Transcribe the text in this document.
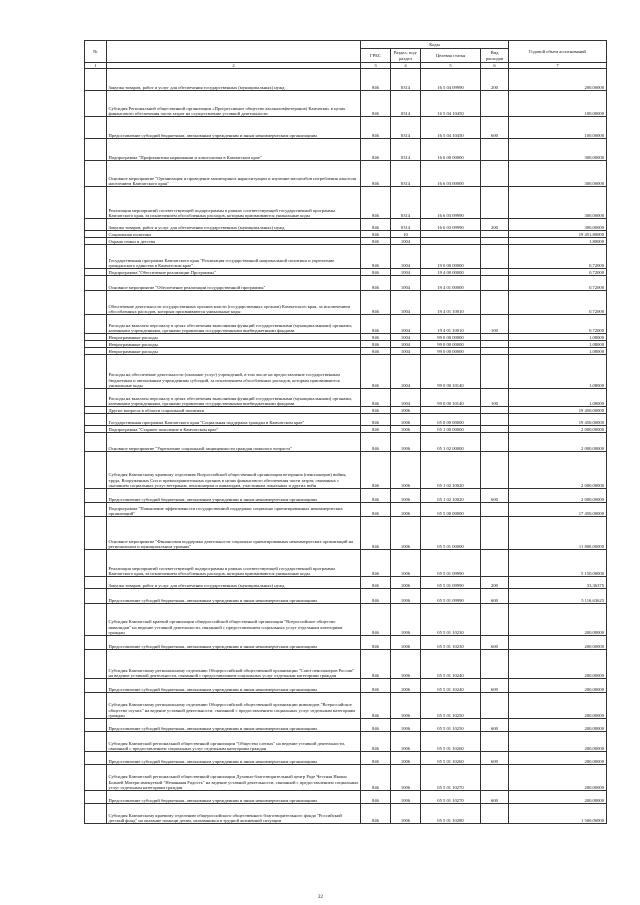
№		Коды				Годовой объем ассигнований
		ГРБС	Раздел, под-раздел	Целевая статья	Вид расходов	
1	2	3	4	5	6	7
	Закупка товаров, работ и услуг для обеспечения государственных (муниципальных) нужд	846	0314	16 5 04 09990	200	200,00000
	Субсидия Региональной общественной организации «Прогрессивное общество аксакалов(ветеранов) Камчатки» в целях финансового обеспечения части затрат на осуществление уставной деятельности	846	0314	16 5 04 10450		100,00000
	Предоставление субсидий бюджетным, автономным учреждениям и иным некоммерческим организациям	846	0314	16 5 04 10450	600	100,00000
	Подпрограмма "Профилактика наркомании и алкоголизма в Камчатском крае"	846	0314	16 6 00 00000		300,00000
	Основное мероприятие "Организация и проведение мониторинга наркоситуации и изучение масштабов потребления алкоголя населением Камчатского края"	846	0314	16 6 03 00000		300,00000
	Реализация мероприятий соответствующей подпрограммы в рамках соответствующей государственной программы Камчатского края, за исключением обособленных расходов, которым присваиваются уникальные коды	846	0314	16 6 03 09990		300,00000
	Закупка товаров, работ и услуг для обеспечения государственных (муниципальных) нужд	846	0314	16 6 03 09990	200	300,00000
	Социальная политика	846	10			19 451,80000
	Охрана семьи и детства	846	1004			1,80000
	Государственная программа Камчатского края "Реализация государственной национальной политики и укрепление гражданского единства в Камчатском крае"	846	1004	19 0 00 00000		0,72000
	Подпрограмма "Обеспечение реализации Программы"	846	1004	19 4 00 00000		0,72000
	Основное мероприятие "Обеспечение реализации государственной программы"	846	1004	19 4 01 00000		0,72000
	Обеспечение деятельности государственных органов власти (государственных органов) Камчатского края, за исключением обособленных расходов, которым присваиваются уникальные коды	846	1004	19 4 01 10010		0,72000
	Расходы на выплаты персоналу в целях обеспечения выполнения функций государственными (муниципальными) органами, казенными учреждениями, органами управления государственными внебюджетными фондами	846	1004	19 4 01 10010	100	0,72000
	Непрограммные расходы	846	1004	99 0 00 00000		1,08000
	Непрограммные расходы	846	1004	99 0 00 00000		1,08000
	Непрограммные расходы	846	1004	99 0 00 00000		1,08000
	Расходы на обеспечение деятельности (оказание услуг) учреждений, в том числе на предоставление государственным бюджетным и автономным учреждениям субсидий, за исключением обособленных расходов, которым присваиваются уникальные коды	846	1004	99 0 00 10140		1,08000
	Расходы на выплаты персоналу в целях обеспечения выполнения функций государственными (муниципальными) органами, казенными учреждениями, органами управления государственными внебюджетными фондами	846	1004	99 0 00 10140	100	1,08000
	Другие вопросы в области социальной политики	846	1006			19 450,00000
	Государственная программа Камчатского края "Социальная поддержка граждан в Камчатском крае"	846	1006	05 0 00 00000		19 450,00000
	Подпрограмма "Старшее поколение в Камчатском крае"	846	1006	05 1 00 00000		2 000,00000
	Основное мероприятие "Укрепление социальной защищенности граждан пожилого возраста"	846	1006	05 1 02 00000		2 000,00000
	Субсидия Камчатскому краевому отделению Всероссийской общественной организации ветеранов (пенсионеров) войны, труда, Вооруженных Сил и правоохранительных органов в целях финансового обеспечения части затрат, связанных с оказанием социальных услуг ветеранам, пенсионерам и инвалидам, участникам локальных и других войн	846	1006	05 1 02 10020		2 000,00000
	Предоставление субсидий бюджетным, автономным учреждениям и иным некоммерческим организациям	846	1006	05 1 02 10020	600	2 000,00000
	Подпрограмма "Повышение эффективности государственной поддержки социально ориентированных некоммерческих организаций"	846	1006	05 5 00 00000		17 450,00000
	Основное мероприятие "Финансовая поддержка деятельности социально ориентированных некоммерческих организаций на региональном и муниципальном уровнях"	846	1006	05 5 01 00000		11 800,00000
	Реализация мероприятий соответствующей подпрограммы в рамках соответствующей государственной программы Камчатского края, за исключением обособленных расходов, которым присваиваются уникальные коды	846	1006	05 5 01 09990		5 150,00000
	Закупка товаров, работ и услуг для обеспечения государственных (муниципальных) нужд	846	1006	05 5 01 09990	200	33,36375
	Предоставление субсидий бюджетным, автономным учреждениям и иным некоммерческим организациям	846	1006	05 5 01 09990	600	5 116,63625
	Субсидия Камчатской краевой организации общероссийской общественной организации "Всероссийское общество инвалидов" на ведение уставной деятельности, связанной с предоставлением социальных услуг отдельным категориям граждан	846	1006	05 5 01 10230		200,00000
	Предоставление субсидий бюджетным, автономным учреждениям и иным некоммерческим организациям	846	1006	05 5 01 10230	600	200,00000
	Субсидия Камчатскому региональному отделению Общероссийской общественной организации "Союз пенсионеров России" на ведение уставной деятельности, связанной с предоставлением социальных услуг отдельным категориям граждан	846	1006	05 5 01 10240		200,00000
	Предоставление субсидий бюджетным, автономным учреждениям и иным некоммерческим организациям	846	1006	05 5 01 10240	600	200,00000
	Субсидия Камчатскому региональному отделению Общероссийской общественной организации инвалидов "Всероссийское общество глухих" на ведение уставной деятельности, связанной с предоставлением социальных услуг отдельным категориям граждан	846	1006	05 5 01 10250		200,00000
	Предоставление субсидий бюджетным, автономным учреждениям и иным некоммерческим организациям	846	1006	05 5 01 10250	600	200,00000
	Субсидия Камчатской региональной общественной организации "Общество слепых" на ведение уставной деятельности, связанной с предоставлением социальных услуг отдельным категориям граждан	846	1006	05 5 01 10260		200,00000
	Предоставление субсидий бюджетным, автономным учреждениям и иным некоммерческим организациям	846	1006	05 5 01 10260	600	200,00000
	Субсидия Камчатской региональной общественной организации Духовно-благотворительный центр Раде Честная Иконы Божией Матери именуемой "Нечаянная Радость" на ведение уставной деятельности, связанной с предоставлением социальных услуг отдельным категориям граждан	846	1006	05 5 01 10270		200,00000
	Предоставление субсидий бюджетным, автономным учреждениям и иным некоммерческим организациям	846	1006	05 5 01 10270	600	200,00000
	Субсидия Камчатскому краевому отделению общероссийского общественного благотворительного фонда "Российский детский фонд" на оказание помощи детям, оказавшимся в трудной жизненной ситуации	846	1006	05 5 01 10280		1 500,00000
22
